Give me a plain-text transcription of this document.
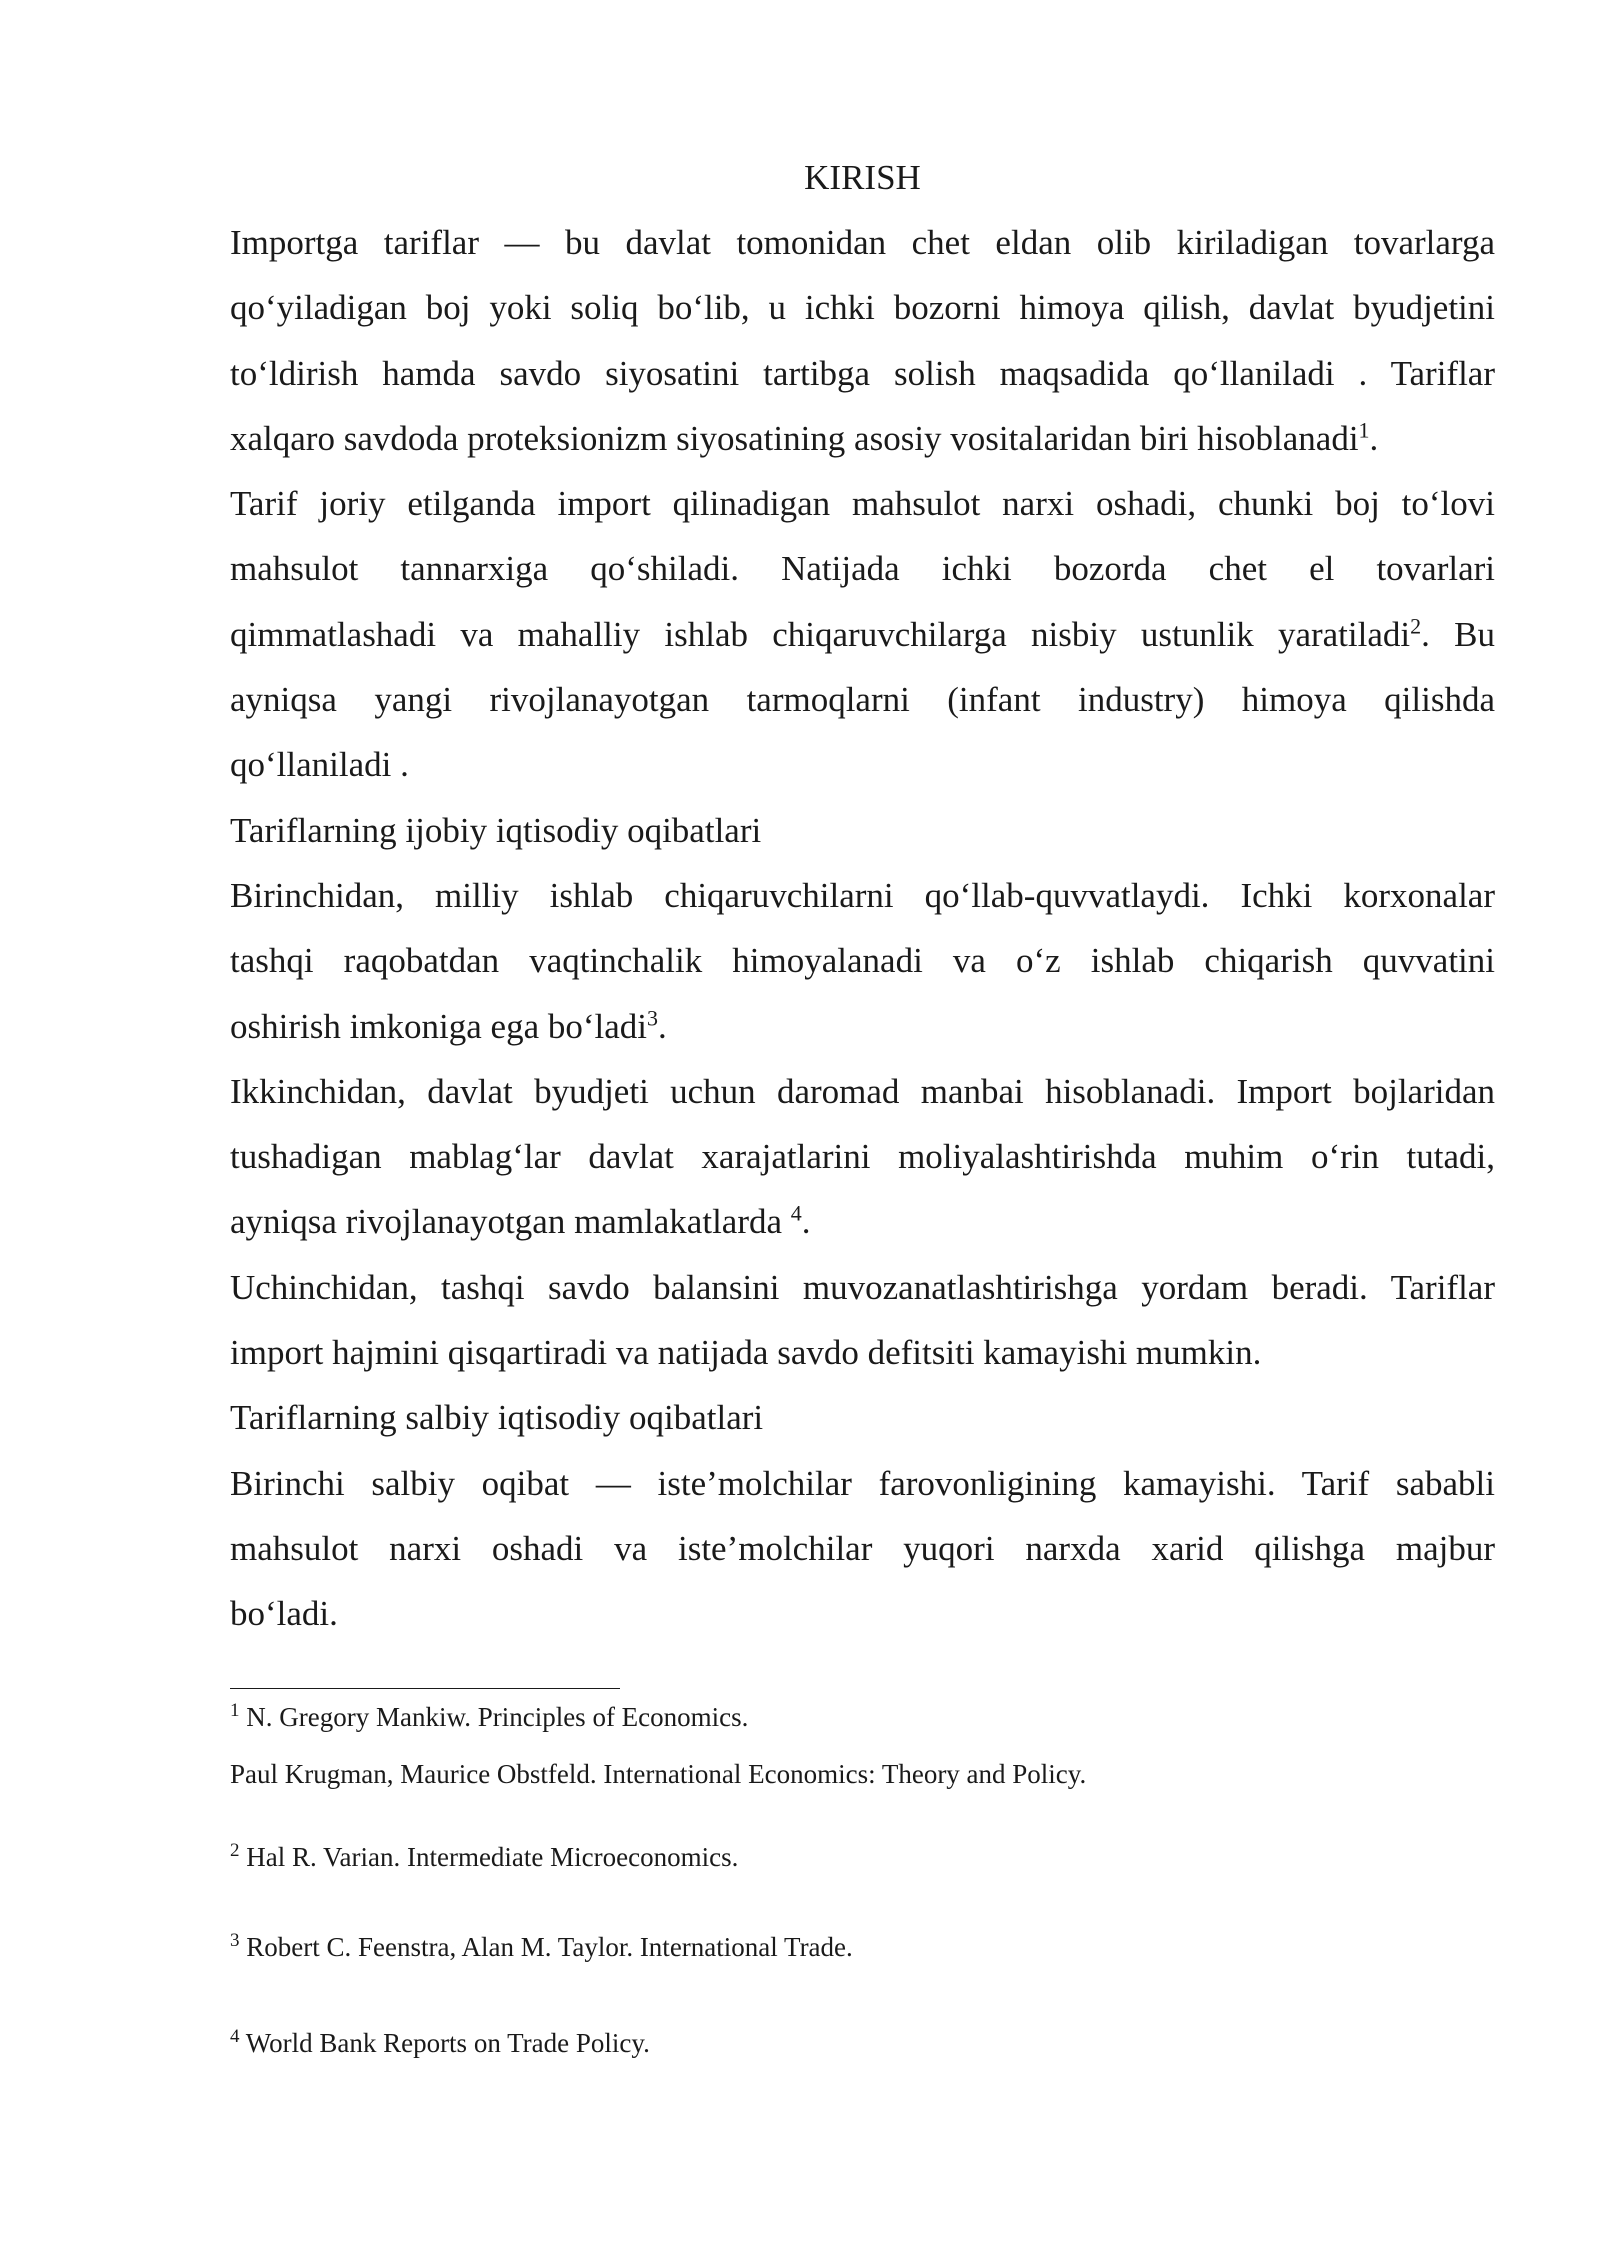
KIRISH
Importga tariflar — bu davlat tomonidan chet eldan olib kiriladigan tovarlarga
qo‘yiladigan boj yoki soliq bo‘lib, u ichki bozorni himoya qilish, davlat byudjetini
to‘ldirish hamda savdo siyosatini tartibga solish maqsadida qo‘llaniladi . Tariflar
xalqaro savdoda proteksionizm siyosatining asosiy vositalaridan biri hisoblanadi$^1$.
Tarif joriy etilganda import qilinadigan mahsulot narxi oshadi, chunki boj to‘lovi
mahsulot tannarxiga qo‘shiladi. Natijada ichki bozorda chet el tovarlari
qimmatlashadi va mahalliy ishlab chiqaruvchilarga nisbiy ustunlik yaratiladi$^2$. Bu
ayniqsa yangi rivojlanayotgan tarmoqlarni (infant industry) himoya qilishda
qo‘llaniladi .
Tariflarning ijobiy iqtisodiy oqibatlari
Birinchidan, milliy ishlab chiqaruvchilarni qo‘llab-quvvatlaydi. Ichki korxonalar
tashqi raqobatdan vaqtinchalik himoyalanadi va o‘z ishlab chiqarish quvvatini
oshirish imkoniga ega bo‘ladi$^3$.
Ikkinchidan, davlat byudjeti uchun daromad manbai hisoblanadi. Import bojlaridan
tushadigan mablag‘lar davlat xarajatlarini moliyalashtirishda muhim o‘rin tutadi,
ayniqsa rivojlanayotgan mamlakatlarda $^4$.
Uchinchidan, tashqi savdo balansini muvozanatlashtirishga yordam beradi. Tariflar
import hajmini qisqartiradi va natijada savdo defitsiti kamayishi mumkin.
Tariflarning salbiy iqtisodiy oqibatlari
Birinchi salbiy oqibat — iste’molchilar farovonligining kamayishi. Tarif sababli
mahsulot narxi oshadi va iste’molchilar yuqori narxda xarid qilishga majbur
bo‘ladi.
$^1$ N. Gregory Mankiw. Principles of Economics.
Paul Krugman, Maurice Obstfeld. International Economics: Theory and Policy.
$^2$ Hal R. Varian. Intermediate Microeconomics.
$^3$ Robert C. Feenstra, Alan M. Taylor. International Trade.
$^4$ World Bank Reports on Trade Policy.
